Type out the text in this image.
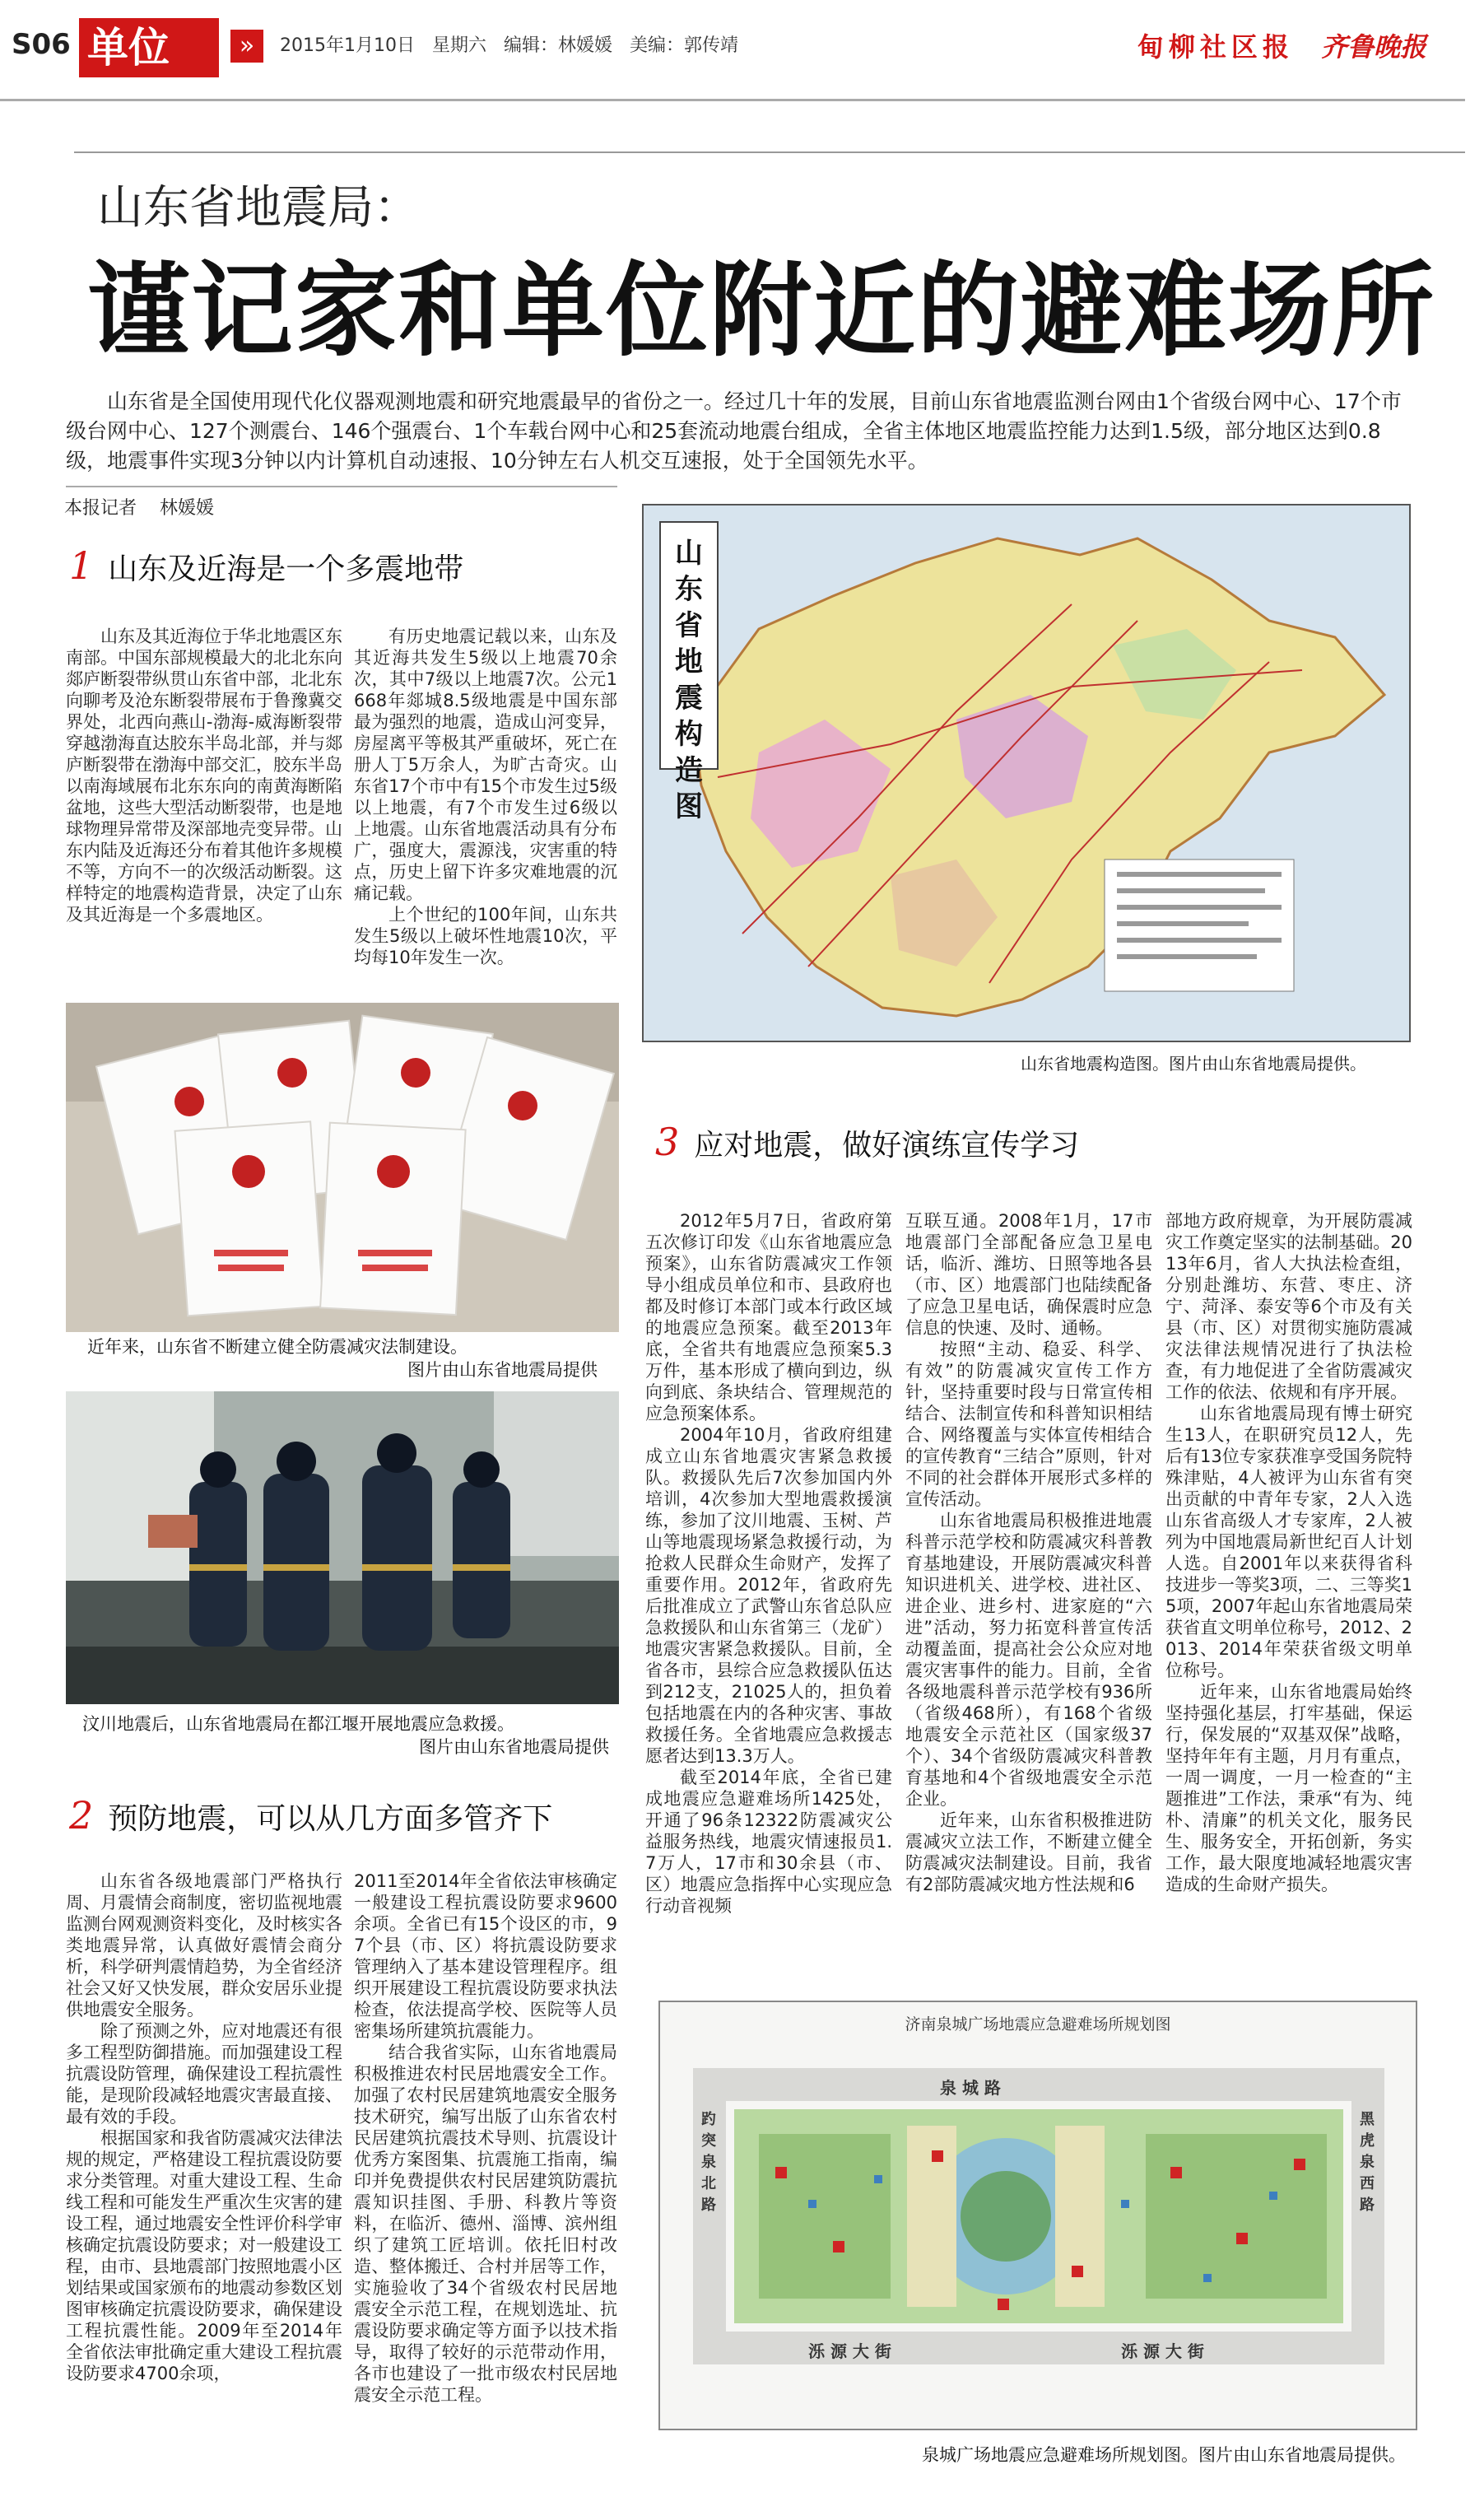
S06 单位	»	2015年1月10日 星期六 编辑：林媛媛 美编：郭传靖	甸柳社区报 齐鲁晚报
山东省地震局：
谨记家和单位附近的避难场所
山东省是全国使用现代化仪器观测地震和研究地震最早的省份之一。经过几十年的发展，目前山东省地震监测台网由1个省级台网中心、17个市级台网中心、127个测震台、146个强震台、1个车载台网中心和25套流动地震台组成，全省主体地区地震监控能力达到1.5级，部分地区达到0.8级，地震事件实现3分钟以内计算机自动速报、10分钟左右人机交互速报，处于全国领先水平。
本报记者 林媛媛
1 山东及近海是一个多震地带

山东及其近海位于华北地震区东南部。中国东部规模最大的北北东向郯庐断裂带纵贯山东省中部，北北东向聊考及沧东断裂带展布于鲁豫冀交界处，北西向燕山-渤海-威海断裂带穿越渤海直达胶东半岛北部，并与郯庐断裂带在渤海中部交汇，胶东半岛以南海域展布北东东向的南黄海断陷盆地，这些大型活动断裂带，也是地球物理异常带及深部地壳变异带。山东内陆及近海还分布着其他许多规模不等，方向不一的次级活动断裂。这样特定的地震构造背景，决定了山东及其近海是一个多震地区。

有历史地震记载以来，山东及其近海共发生5级以上地震70余次，其中7级以上地震7次。公元1668年郯城8.5级地震是中国东部最为强烈的地震，造成山河变异，房屋离平等极其严重破坏，死亡在册人丁5万余人，为旷古奇灾。山东省17个市中有15个市发生过5级以上地震，有7个市发生过6级以上地震。山东省地震活动具有分布广，强度大，震源浅，灾害重的特点，历史上留下许多灾难地震的沉痛记载。

上个世纪的100年间，山东共发生5级以上破坏性地震10次，平均每10年发生一次。

近年来，山东省不断建立健全防震减灾法制建设。

图片由山东省地震局提供

汶川地震后，山东省地震局在都江堰开展地震应急救援。

图片由山东省地震局提供

2 预防地震，可以从几方面多管齐下

山东省各级地震部门严格执行周、月震情会商制度，密切监视地震监测台网观测资料变化，及时核实各类地震异常，认真做好震情会商分析，科学研判震情趋势，为全省经济社会又好又快发展，群众安居乐业提供地震安全服务。

除了预测之外，应对地震还有很多工程型防御措施。而加强建设工程抗震设防管理，确保建设工程抗震性能，是现阶段减轻地震灾害最直接、最有效的手段。

根据国家和我省防震减灾法律法规的规定，严格建设工程抗震设防要求分类管理。对重大建设工程、生命线工程和可能发生严重次生灾害的建设工程，通过地震安全性评价科学审核确定抗震设防要求；对一般建设工程，由市、县地震部门按照地震小区划结果或国家颁布的地震动参数区划图审核确定抗震设防要求，确保建设工程抗震性能。2009年至2014年全省依法审批确定重大建设工程抗震设防要求4700余项，

2011至2014年全省依法审核确定一般建设工程抗震设防要求9600余项。全省已有15个设区的市，97个县（市、区）将抗震设防要求管理纳入了基本建设管理程序。组织开展建设工程抗震设防要求执法检查，依法提高学校、医院等人员密集场所建筑抗震能力。

结合我省实际，山东省地震局积极推进农村民居地震安全工作。加强了农村民居建筑地震安全服务技术研究，编写出版了山东省农村民居建筑抗震技术导则、抗震设计优秀方案图集、抗震施工指南，编印并免费提供农村民居建筑防震抗震知识挂图、手册、科教片等资料，在临沂、德州、淄博、滨州组织了建筑工匠培训。依托旧村改造、整体搬迁、合村并居等工作，实施验收了34个省级农村民居地震安全示范工程，在规划选址、抗震设防要求确定等方面予以技术指导，取得了较好的示范带动作用，各市也建设了一批市级农村民居地震安全示范工程。

山东省地震构造图
山东省地震构造图。图片由山东省地震局提供。
3 应对地震，做好演练宣传学习

2012年5月7日，省政府第五次修订印发《山东省地震应急预案》，山东省防震减灾工作领导小组成员单位和市、县政府也都及时修订本部门或本行政区域的地震应急预案。截至2013年底，全省共有地震应急预案5.3万件，基本形成了横向到边，纵向到底、条块结合、管理规范的应急预案体系。

2004年10月，省政府组建成立山东省地震灾害紧急救援队。救援队先后7次参加国内外培训，4次参加大型地震救援演练，参加了汶川地震、玉树、芦山等地震现场紧急救援行动，为抢救人民群众生命财产，发挥了重要作用。2012年，省政府先后批准成立了武警山东省总队应急救援队和山东省第三（龙矿）地震灾害紧急救援队。目前，全省各市，县综合应急救援队伍达到212支，21025人的，担负着包括地震在内的各种灾害、事故救援任务。全省地震应急救援志愿者达到13.3万人。

截至2014年底，全省已建成地震应急避难场所1425处，开通了96条12322防震减灾公益服务热线，地震灾情速报员1.7万人，17市和30余县（市、区）地震应急指挥中心实现应急行动音视频

互联互通。2008年1月，17市地震部门全部配备应急卫星电话，临沂、潍坊、日照等地各县（市、区）地震部门也陆续配备了应急卫星电话，确保震时应急信息的快速、及时、通畅。

按照“主动、稳妥、科学、有效”的防震减灾宣传工作方针，坚持重要时段与日常宣传相结合、法制宣传和科普知识相结合、网络覆盖与实体宣传相结合的宣传教育“三结合”原则，针对不同的社会群体开展形式多样的宣传活动。

山东省地震局积极推进地震科普示范学校和防震减灾科普教育基地建设，开展防震减灾科普知识进机关、进学校、进社区、进企业、进乡村、进家庭的“六进”活动，努力拓宽科普宣传活动覆盖面，提高社会公众应对地震灾害事件的能力。目前，全省各级地震科普示范学校有936所（省级468所），有168个省级地震安全示范社区（国家级37个）、34个省级防震减灾科普教育基地和4个省级地震安全示范企业。

近年来，山东省积极推进防震减灾立法工作，不断建立健全防震减灾法制建设。目前，我省有2部防震减灾地方性法规和6

部地方政府规章，为开展防震减灾工作奠定坚实的法制基础。2013年6月，省人大执法检查组，分别赴潍坊、东营、枣庄、济宁、菏泽、泰安等6个市及有关县（市、区）对贯彻实施防震减灾法律法规情况进行了执法检查，有力地促进了全省防震减灾工作的依法、依规和有序开展。

山东省地震局现有博士研究生13人，在职研究员12人，先后有13位专家获准享受国务院特殊津贴，4人被评为山东省有突出贡献的中青年专家，2人入选山东省高级人才专家库，2人被列为中国地震局新世纪百人计划人选。自2001年以来获得省科技进步一等奖3项，二、三等奖15项，2007年起山东省地震局荣获省直文明单位称号，2012、2013、2014年荣获省级文明单位称号。

近年来，山东省地震局始终坚持强化基层，打牢基础，保运行，保发展的“双基双保”战略，坚持年年有主题，月月有重点，一周一调度，一月一检查的“主题推进”工作法，秉承“有为、纯朴、清廉”的机关文化，服务民生、服务安全，开拓创新，务实工作，最大限度地减轻地震灾害造成的生命财产损失。

济南泉城广场地震应急避难场所规划图
泉 城 路
泺 源 大 街	泺 源 大 街
趵 突 泉 北 路
黑 虎 泉 西 路
泉城广场地震应急避难场所规划图。图片由山东省地震局提供。
